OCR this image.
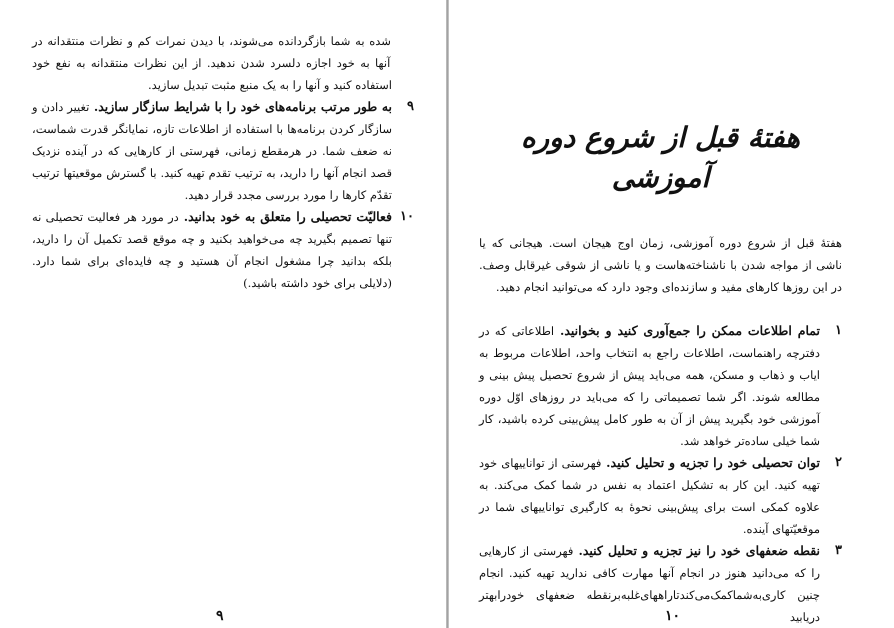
شده به شما بازگردانده می‌شوند، با دیدن نمرات کم و نظرات منتقدانه در آنها به خود اجازه دلسرد شدن ندهید. از این نظرات منتقدانه به نفع خود استفاده کنید و آنها را به یک منبع مثبت تبدیل سازید.

۹
به طور مرتب برنامه‌های خود را با شرایط سازگار سازید. تغییر دادن و سازگار کردن برنامه‌ها با استفاده از اطلاعات تازه، نمایانگر قدرت شماست، نه ضعف شما. در هرمقطع زمانی، فهرستی از کارهایی که در آینده نزدیک قصد انجام آنها را دارید، به ترتیب تقدم تهیه کنید. با گسترش موقعیتها ترتیب تقدّم کارها را مورد بررسی مجدد قرار دهید.
۱۰
فعالیّت تحصیلی را متعلق به خود بدانید. در مورد هر فعالیت تحصیلی نه تنها تصمیم بگیرید چه می‌خواهید بکنید و چه موقع قصد تکمیل آن را دارید، بلکه بدانید چرا مشغول انجام آن هستید و چه فایده‌ای برای شما دارد. (دلایلی برای خود داشته باشید.)
۹
هفتهٔ قبل از شروع دوره آموزشی

هفتهٔ قبل از شروع دوره آموزشی، زمان اوج هیجان است. هیجانی که یا ناشی از مواجه شدن با ناشناخته‌هاست و یا ناشی از شوقی غیرقابل وصف. در این روزها کارهای مفید و سازنده‌ای وجود دارد که می‌توانید انجام دهید.

۱
تمام اطلاعات ممکن را جمع‌آوری کنید و بخوانید. اطلاعاتی که در دفترچه راهنماست، اطلاعات راجع به انتخاب واحد، اطلاعات مربوط به ایاب و ذهاب و مسکن، همه می‌باید پیش از شروع تحصیل پیش بینی و مطالعه شوند. اگر شما تصمیماتی را که می‌باید در روزهای اوّل دوره آموزشی خود بگیرید پیش از آن به طور کامل پیش‌بینی کرده باشید، کار شما خیلی ساده‌تر خواهد شد.
۲
توان تحصیلی خود را تجزیه و تحلیل کنید. فهرستی از تواناییهای خود تهیه کنید. این کار به تشکیل اعتماد به نفس در شما کمک می‌کند. به علاوه کمکی است برای پیش‌بینی نحوهٔ به کارگیری تواناییهای شما در موقعیّتهای آینده.
۳
نقطه ضعفهای خود را نیز تجزیه و تحلیل کنید. فهرستی از کارهایی را که می‌دانید هنوز در انجام آنها مهارت کافی ندارید تهیه کنید. انجام چنین کاری‌به‌شماکمک‌می‌کندتاراههای‌غلبه‌برنقطه ضعفهای خودرابهتر دریابید
۱۰
